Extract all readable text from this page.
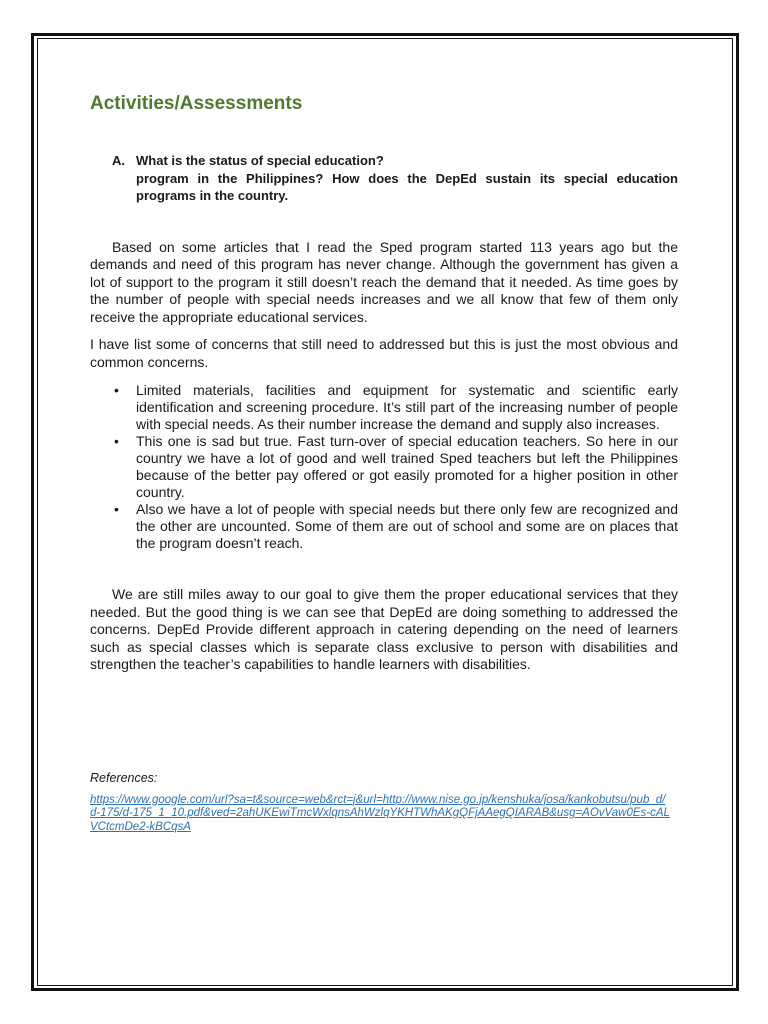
Activities/Assessments
A. What is the status of special education?
program in the Philippines? How does the DepEd sustain its special education programs in the country.

Based on some articles that I read the Sped program started 113 years ago but the demands and need of this program has never change. Although the government has given a lot of support to the program it still doesn’t reach the demand that it needed. As time goes by the number of people with special needs increases and we all know that few of them only receive the appropriate educational services.

I have list some of concerns that still need to addressed but this is just the most obvious and common concerns.

•	Limited materials, facilities and equipment for systematic and scientific early identification and screening procedure. It’s still part of the increasing number of people with special needs. As their number increase the demand and supply also increases.
•	This one is sad but true. Fast turn-over of special education teachers. So here in our country we have a lot of good and well trained Sped teachers but left the Philippines because of the better pay offered or got easily promoted for a higher position in other country.
•	Also we have a lot of people with special needs but there only few are recognized and the other are uncounted. Some of them are out of school and some are on places that the program doesn’t reach.

We are still miles away to our goal to give them the proper educational services that they needed. But the good thing is we can see that DepEd are doing something to addressed the concerns. DepEd Provide different approach in catering depending on the need of learners such as special classes which is separate class exclusive to person with disabilities and strengthen the teacher’s capabilities to handle learners with disabilities.

References:
https://www.google.com/url?sa=t&source=web&rct=j&url=http://www.nise.go.jp/kenshuka/josa/kankobutsu/pub_d/d-175/d-175_1_10.pdf&ved=2ahUKEwiTmcWxlqnsAhWzlqYKHTWhAKgQFjAAegQIARAB&usg=AOvVaw0Es-cALVCtcmDe2-kBCqsA
